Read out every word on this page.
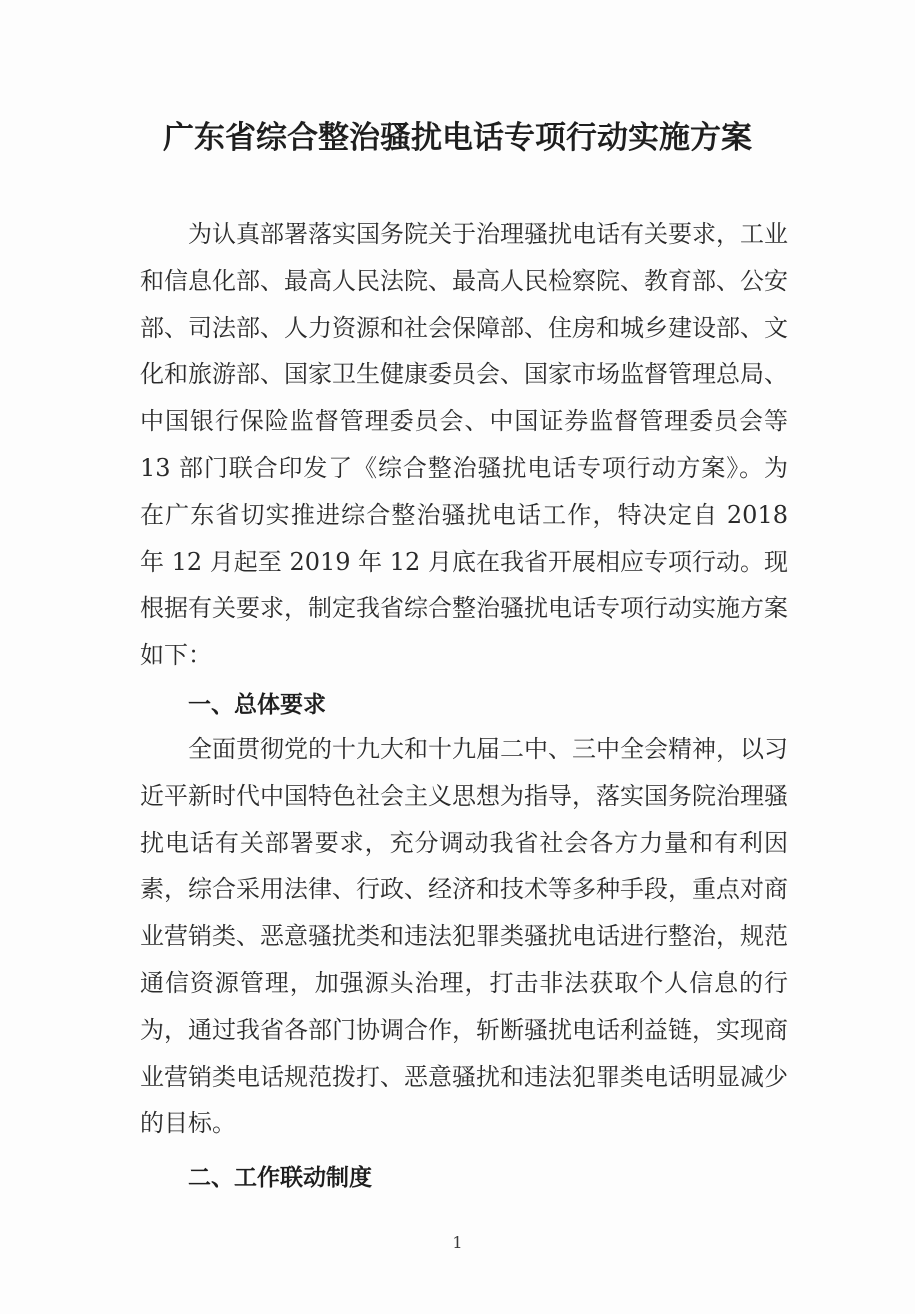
广东省综合整治骚扰电话专项行动实施方案

为认真部署落实国务院关于治理骚扰电话有关要求，工业和信息化部、最高人民法院、最高人民检察院、教育部、公安部、司法部、人力资源和社会保障部、住房和城乡建设部、文化和旅游部、国家卫生健康委员会、国家市场监督管理总局、中国银行保险监督管理委员会、中国证券监督管理委员会等 13 部门联合印发了《综合整治骚扰电话专项行动方案》。为在广东省切实推进综合整治骚扰电话工作，特决定自 2018 年 12 月起至 2019 年 12 月底在我省开展相应专项行动。现根据有关要求，制定我省综合整治骚扰电话专项行动实施方案如下：

一、总体要求

全面贯彻党的十九大和十九届二中、三中全会精神，以习近平新时代中国特色社会主义思想为指导，落实国务院治理骚扰电话有关部署要求，充分调动我省社会各方力量和有利因素，综合采用法律、行政、经济和技术等多种手段，重点对商业营销类、恶意骚扰类和违法犯罪类骚扰电话进行整治，规范通信资源管理，加强源头治理，打击非法获取个人信息的行为，通过我省各部门协调合作，斩断骚扰电话利益链，实现商业营销类电话规范拨打、恶意骚扰和违法犯罪类电话明显减少的目标。

二、工作联动制度
1
